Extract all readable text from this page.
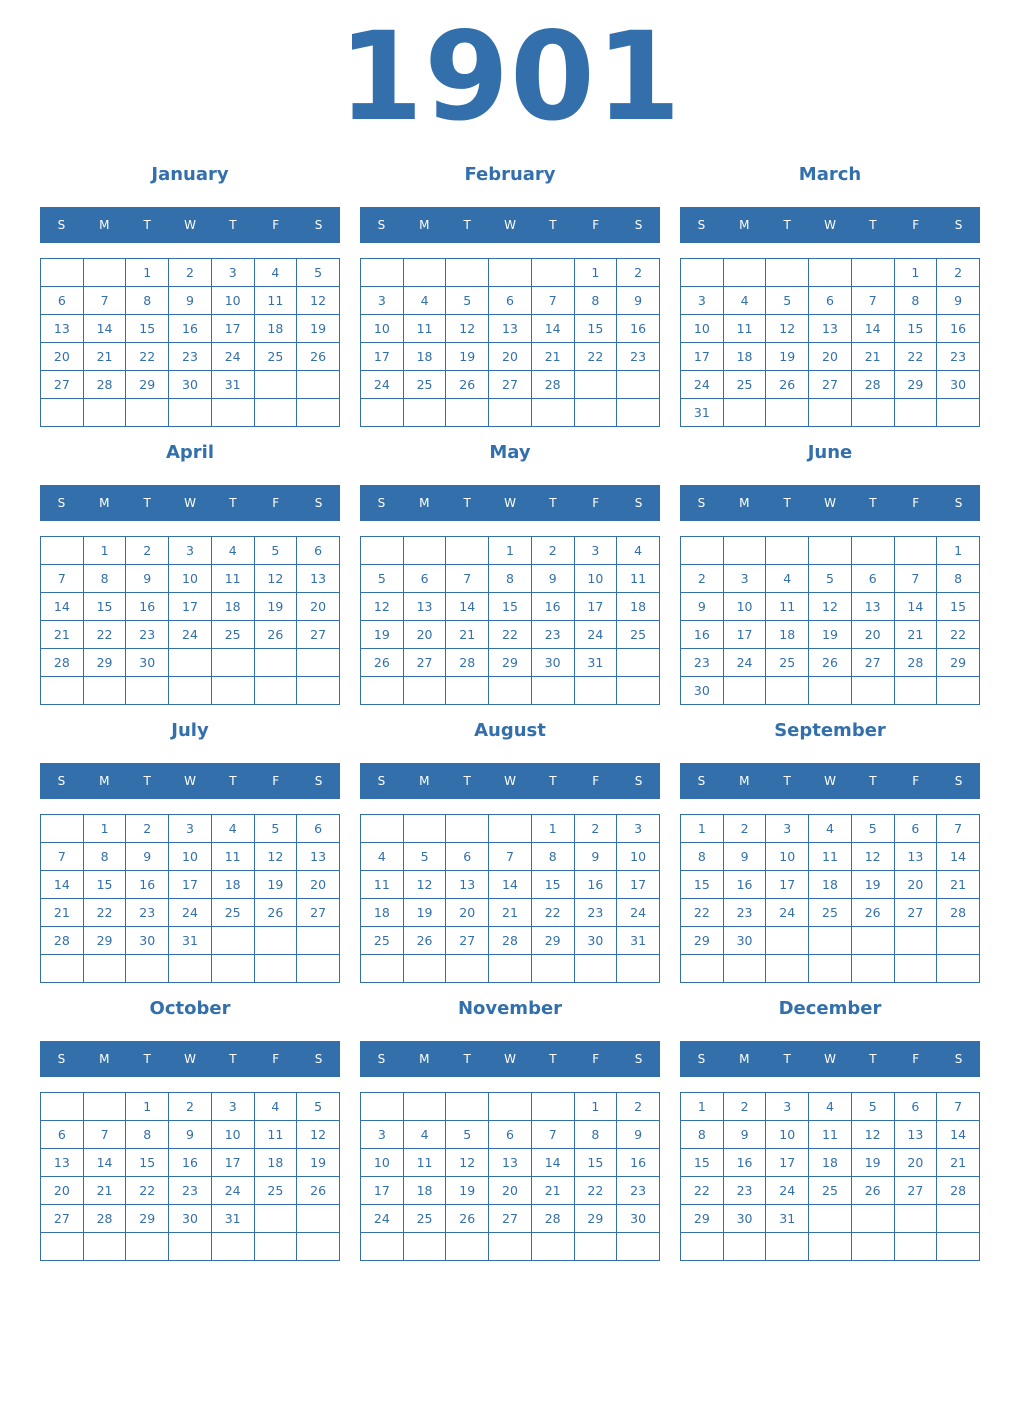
1901
January
S	M	T	W	T	F	S
		1	2	3	4	5
6	7	8	9	10	11	12
13	14	15	16	17	18	19
20	21	22	23	24	25	26
27	28	29	30	31		

February
S	M	T	W	T	F	S
					1	2
3	4	5	6	7	8	9
10	11	12	13	14	15	16
17	18	19	20	21	22	23
24	25	26	27	28		

March
S	M	T	W	T	F	S
					1	2
3	4	5	6	7	8	9
10	11	12	13	14	15	16
17	18	19	20	21	22	23
24	25	26	27	28	29	30
31						
April
S	M	T	W	T	F	S
	1	2	3	4	5	6
7	8	9	10	11	12	13
14	15	16	17	18	19	20
21	22	23	24	25	26	27
28	29	30				

May
S	M	T	W	T	F	S
			1	2	3	4
5	6	7	8	9	10	11
12	13	14	15	16	17	18
19	20	21	22	23	24	25
26	27	28	29	30	31	

June
S	M	T	W	T	F	S
						1
2	3	4	5	6	7	8
9	10	11	12	13	14	15
16	17	18	19	20	21	22
23	24	25	26	27	28	29
30						
July
S	M	T	W	T	F	S
	1	2	3	4	5	6
7	8	9	10	11	12	13
14	15	16	17	18	19	20
21	22	23	24	25	26	27
28	29	30	31			

August
S	M	T	W	T	F	S
				1	2	3
4	5	6	7	8	9	10
11	12	13	14	15	16	17
18	19	20	21	22	23	24
25	26	27	28	29	30	31

September
S	M	T	W	T	F	S
1	2	3	4	5	6	7
8	9	10	11	12	13	14
15	16	17	18	19	20	21
22	23	24	25	26	27	28
29	30					

October
S	M	T	W	T	F	S
		1	2	3	4	5
6	7	8	9	10	11	12
13	14	15	16	17	18	19
20	21	22	23	24	25	26
27	28	29	30	31		

November
S	M	T	W	T	F	S
					1	2
3	4	5	6	7	8	9
10	11	12	13	14	15	16
17	18	19	20	21	22	23
24	25	26	27	28	29	30

December
S	M	T	W	T	F	S
1	2	3	4	5	6	7
8	9	10	11	12	13	14
15	16	17	18	19	20	21
22	23	24	25	26	27	28
29	30	31				
